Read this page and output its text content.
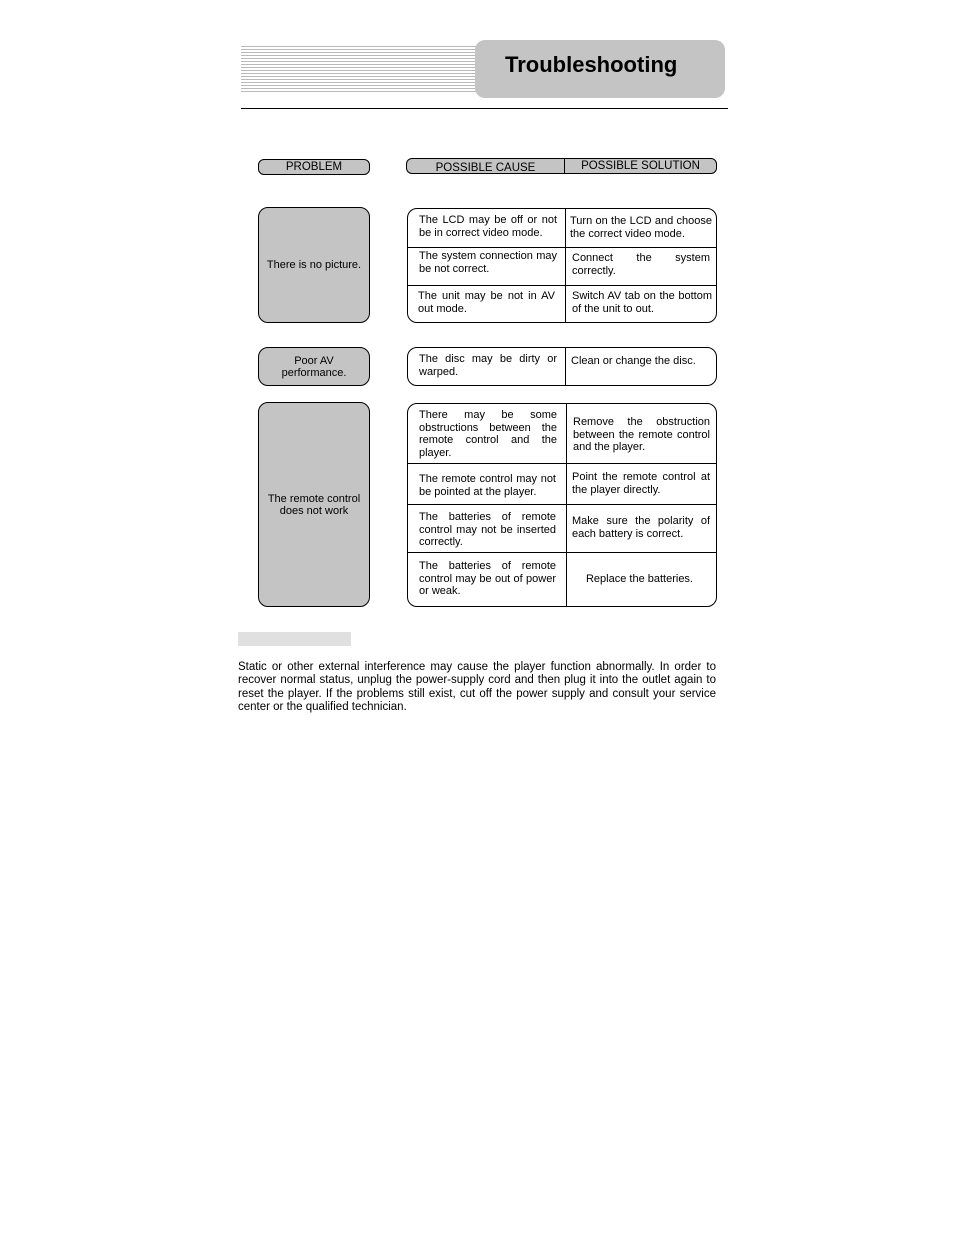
Troubleshooting
PROBLEM	POSSIBLE CAUSE	POSSIBLE SOLUTION
There is no picture.
The LCD may be off or not be in correct video mode.
Turn on the LCD and choose the correct video mode.
The system connection may be not correct.
Connect the system correctly.
The unit may be not in AV out mode.
Switch AV tab on the bottom of the unit to out.
Poor AV performance.
The disc may be dirty or warped.
Clean or change the disc.
The remote control does not work
There may be some obstructions between the remote control and the player.
Remove the obstruction between the remote control and the player.
The remote control may not be pointed at the player.
Point the remote control at the player directly.
The batteries of remote control may not be inserted correctly.
Make sure the polarity of each battery is correct.
The batteries of remote control may be out of power or weak.
Replace the batteries.
Static or other external interference may cause the player function abnormally. In order to recover normal status, unplug the power-supply cord and then plug it into the outlet again to reset the player. If the problems still exist, cut off the power supply and consult your service center or the qualified technician.
